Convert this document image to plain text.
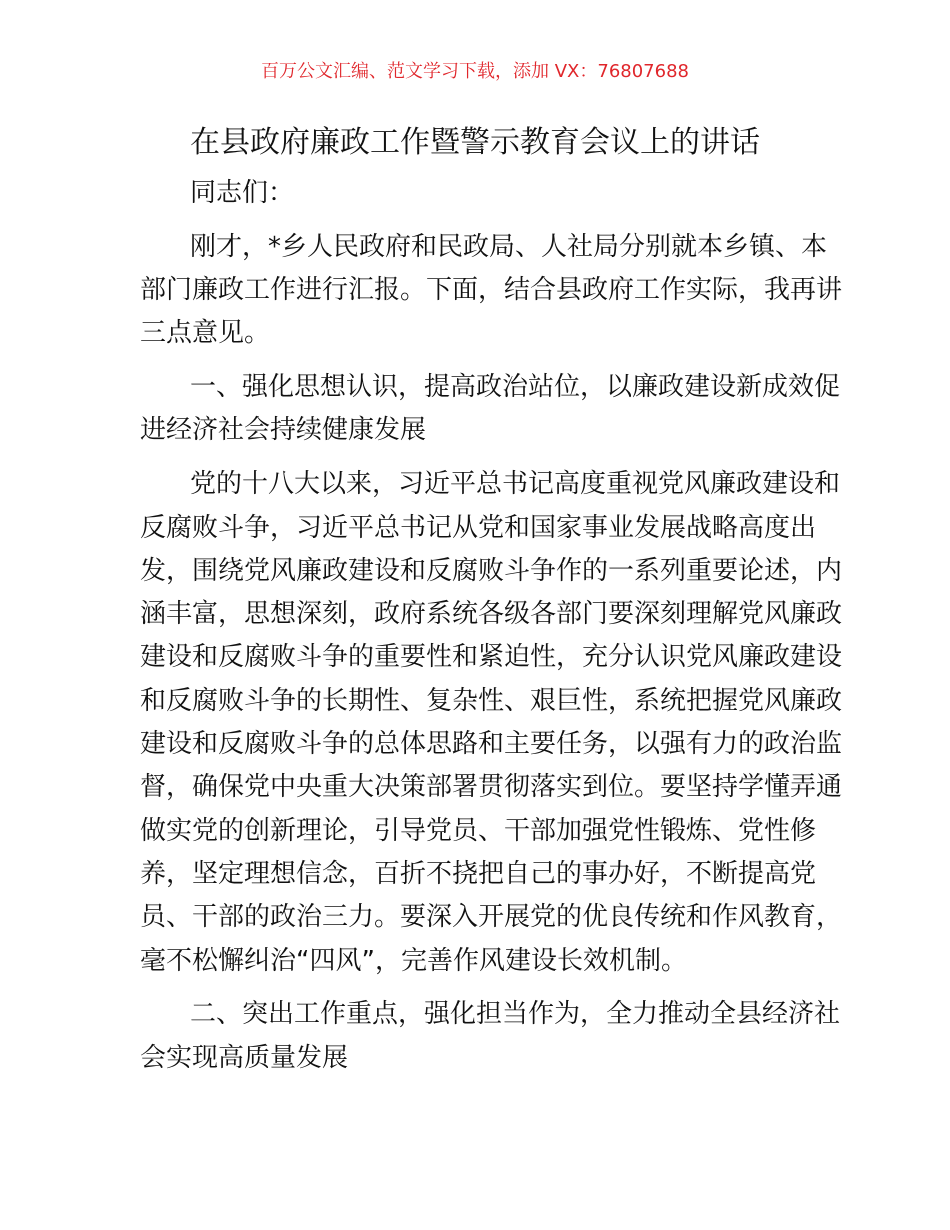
百万公文汇编、范文学习下载，添加 VX：76807688
在县政府廉政工作暨警示教育会议上的讲话
同志们：
刚才，*乡人民政府和民政局、人社局分别就本乡镇、本
部门廉政工作进行汇报。下面，结合县政府工作实际，我再讲
三点意见。
一、强化思想认识，提高政治站位，以廉政建设新成效促
进经济社会持续健康发展
党的十八大以来，习近平总书记高度重视党风廉政建设和
反腐败斗争，习近平总书记从党和国家事业发展战略高度出
发，围绕党风廉政建设和反腐败斗争作的一系列重要论述，内
涵丰富，思想深刻，政府系统各级各部门要深刻理解党风廉政
建设和反腐败斗争的重要性和紧迫性，充分认识党风廉政建设
和反腐败斗争的长期性、复杂性、艰巨性，系统把握党风廉政
建设和反腐败斗争的总体思路和主要任务，以强有力的政治监
督，确保党中央重大决策部署贯彻落实到位。要坚持学懂弄通
做实党的创新理论，引导党员、干部加强党性锻炼、党性修
养，坚定理想信念，百折不挠把自己的事办好，不断提高党
员、干部的政治三力。要深入开展党的优良传统和作风教育，
毫不松懈纠治“四风”，完善作风建设长效机制。
二、突出工作重点，强化担当作为，全力推动全县经济社
会实现高质量发展
